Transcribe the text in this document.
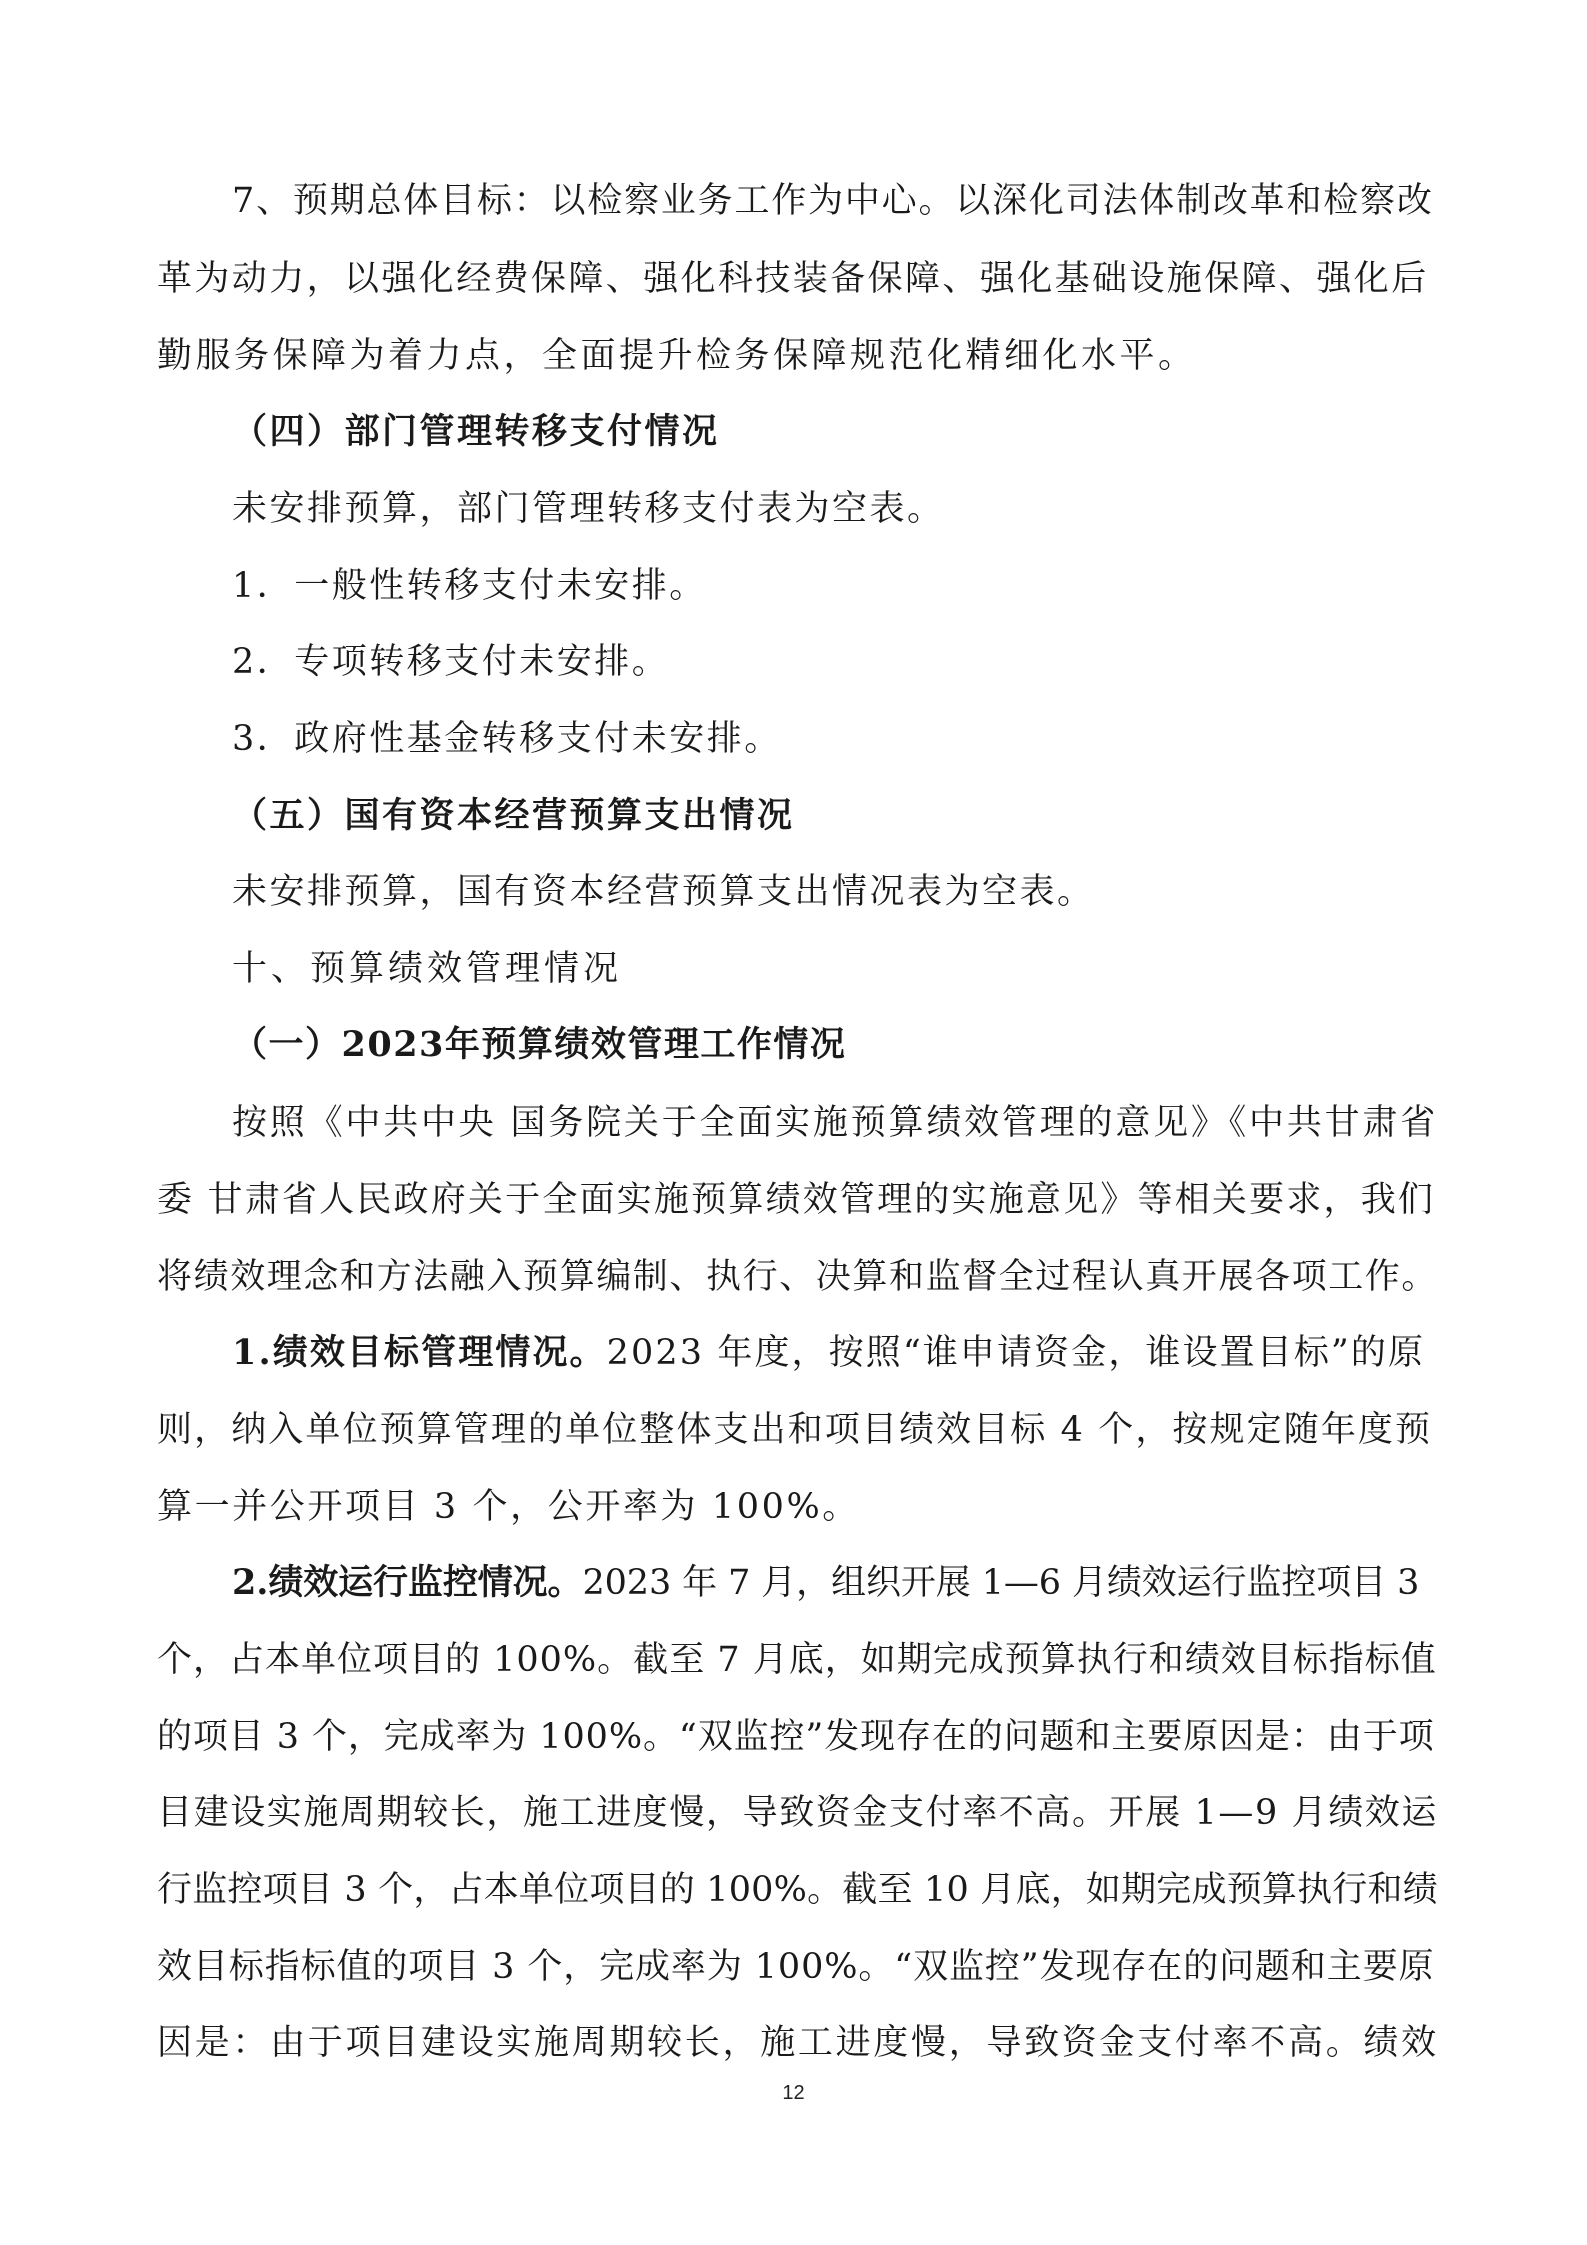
7、预期总体目标：以检察业务工作为中心。以深化司法体制改革和检察改
革为动力，以强化经费保障、强化科技装备保障、强化基础设施保障、强化后
勤服务保障为着力点，全面提升检务保障规范化精细化水平。
（四）部门管理转移支付情况
未安排预算，部门管理转移支付表为空表。
1．一般性转移支付未安排。
2．专项转移支付未安排。
3．政府性基金转移支付未安排。
（五）国有资本经营预算支出情况
未安排预算，国有资本经营预算支出情况表为空表。
十、预算绩效管理情况
（一）2023年预算绩效管理工作情况
按照《中共中央 国务院关于全面实施预算绩效管理的意见》《中共甘肃省
委 甘肃省人民政府关于全面实施预算绩效管理的实施意见》等相关要求，我们
将绩效理念和方法融入预算编制、执行、决算和监督全过程认真开展各项工作。
1.绩效目标管理情况。2023 年度，按照“谁申请资金，谁设置目标”的原
则，纳入单位预算管理的单位整体支出和项目绩效目标 4 个，按规定随年度预
算一并公开项目 3 个，公开率为 100%。
2.绩效运行监控情况。2023 年 7 月，组织开展 1—6 月绩效运行监控项目 3
个，占本单位项目的 100%。截至 7 月底，如期完成预算执行和绩效目标指标值
的项目 3 个，完成率为 100%。“双监控”发现存在的问题和主要原因是：由于项
目建设实施周期较长，施工进度慢，导致资金支付率不高。开展 1—9 月绩效运
行监控项目 3 个，占本单位项目的 100%。截至 10 月底，如期完成预算执行和绩
效目标指标值的项目 3 个，完成率为 100%。“双监控”发现存在的问题和主要原
因是：由于项目建设实施周期较长，施工进度慢，导致资金支付率不高。绩效
12
